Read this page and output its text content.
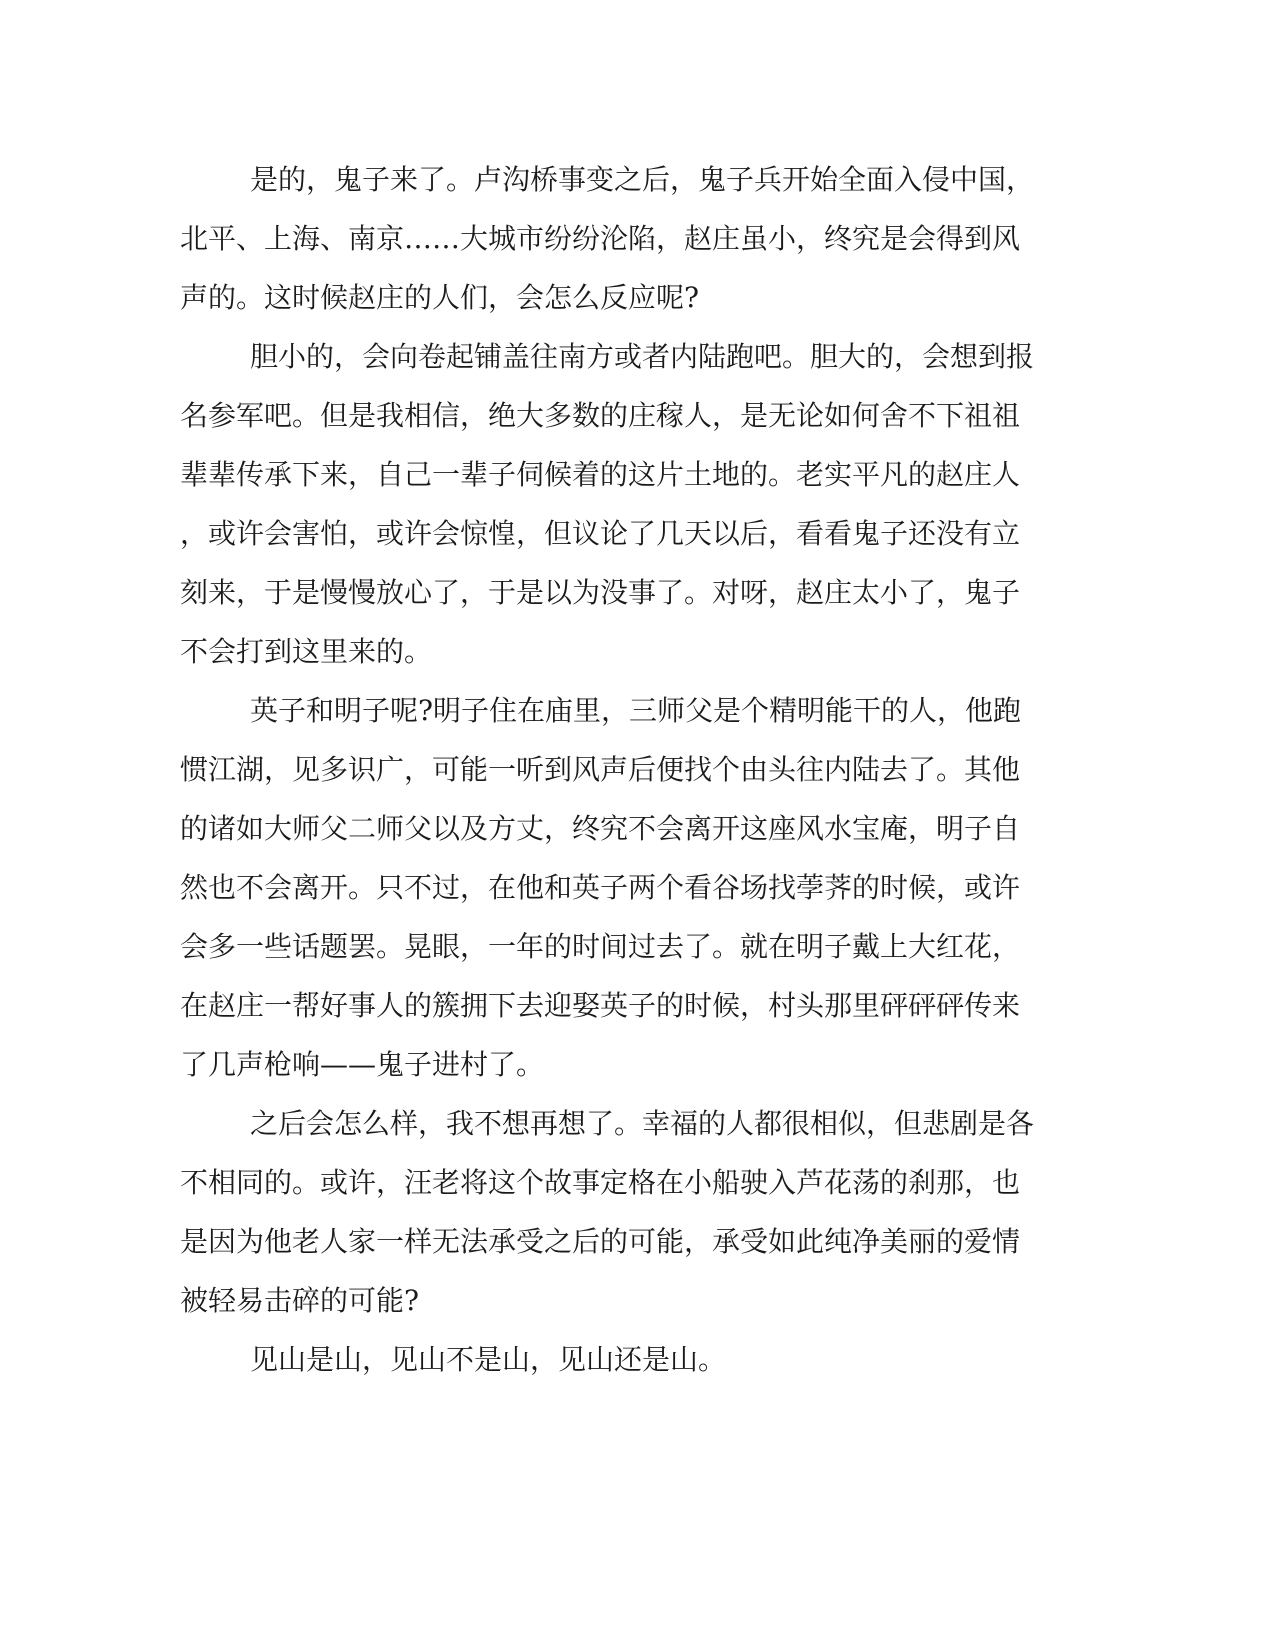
是的，鬼子来了。卢沟桥事变之后，鬼子兵开始全面入侵中国，
北平、上海、南京……大城市纷纷沦陷，赵庄虽小，终究是会得到风
声的。这时候赵庄的人们，会怎么反应呢?
胆小的，会向卷起铺盖往南方或者内陆跑吧。胆大的，会想到报
名参军吧。但是我相信，绝大多数的庄稼人，是无论如何舍不下祖祖
辈辈传承下来，自己一辈子伺候着的这片土地的。老实平凡的赵庄人
，或许会害怕，或许会惊惶，但议论了几天以后，看看鬼子还没有立
刻来，于是慢慢放心了，于是以为没事了。对呀，赵庄太小了，鬼子
不会打到这里来的。
英子和明子呢?明子住在庙里，三师父是个精明能干的人，他跑
惯江湖，见多识广，可能一听到风声后便找个由头往内陆去了。其他
的诸如大师父二师父以及方丈，终究不会离开这座风水宝庵，明子自
然也不会离开。只不过，在他和英子两个看谷场找荸荠的时候，或许
会多一些话题罢。晃眼，一年的时间过去了。就在明子戴上大红花，
在赵庄一帮好事人的簇拥下去迎娶英子的时候，村头那里砰砰砰传来
了几声枪响——鬼子进村了。
之后会怎么样，我不想再想了。幸福的人都很相似，但悲剧是各
不相同的。或许，汪老将这个故事定格在小船驶入芦花荡的刹那，也
是因为他老人家一样无法承受之后的可能，承受如此纯净美丽的爱情
被轻易击碎的可能?
见山是山，见山不是山，见山还是山。
